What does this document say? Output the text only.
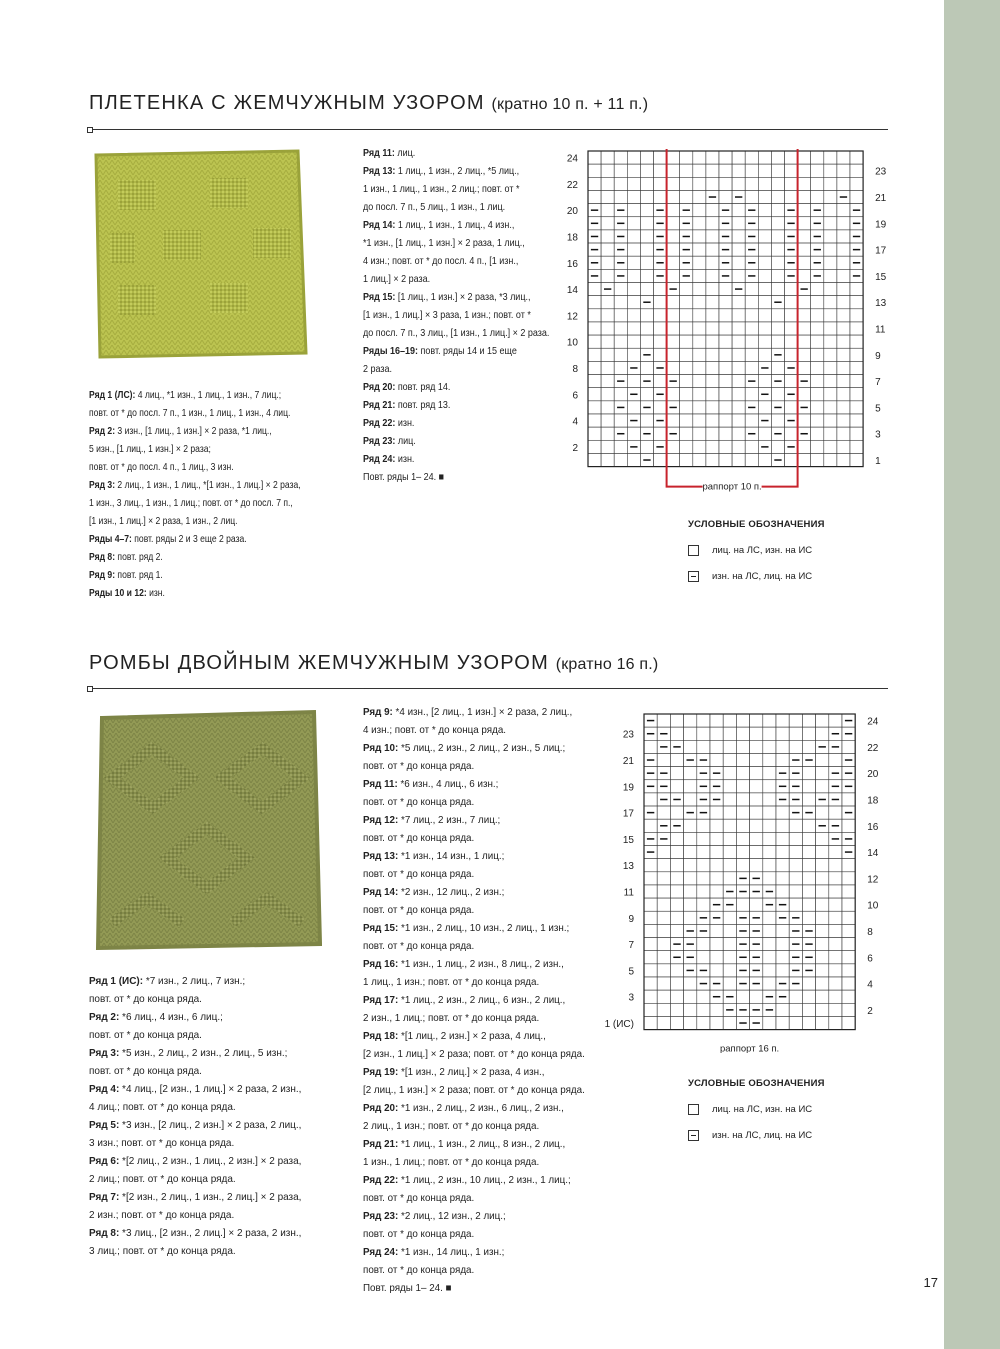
ПЛЕТЕНКА С ЖЕМЧУЖНЫМ УЗОРОМ (кратно 10 п. + 11 п.)
Ряд 1 (ЛС): 4 лиц., *1 изн., 1 лиц., 1 изн., 7 лиц.;
повт. от * до посл. 7 п., 1 изн., 1 лиц., 1 изн., 4 лиц.
Ряд 2: 3 изн., [1 лиц., 1 изн.] × 2 раза, *1 лиц.,
5 изн., [1 лиц., 1 изн.] × 2 раза;
повт. от * до посл. 4 п., 1 лиц., 3 изн.
Ряд 3: 2 лиц., 1 изн., 1 лиц., *[1 изн., 1 лиц.] × 2 раза,
1 изн., 3 лиц., 1 изн., 1 лиц.; повт. от * до посл. 7 п.,
[1 изн., 1 лиц.] × 2 раза, 1 изн., 2 лиц.
Ряды 4–7: повт. ряды 2 и 3 еще 2 раза.
Ряд 8: повт. ряд 2.
Ряд 9: повт. ряд 1.
Ряды 10 и 12: изн.
Ряд 11: лиц.
Ряд 13: 1 лиц., 1 изн., 2 лиц., *5 лиц.,
1 изн., 1 лиц., 1 изн., 2 лиц.; повт. от *
до посл. 7 п., 5 лиц., 1 изн., 1 лиц.
Ряд 14: 1 лиц., 1 изн., 1 лиц., 4 изн.,
*1 изн., [1 лиц., 1 изн.] × 2 раза, 1 лиц.,
4 изн.; повт. от * до посл. 4 п., [1 изн.,
1 лиц.] × 2 раза.
Ряд 15: [1 лиц., 1 изн.] × 2 раза, *3 лиц.,
[1 изн., 1 лиц.] × 3 раза, 1 изн.; повт. от *
до посл. 7 п., 3 лиц., [1 изн., 1 лиц.] × 2 раза.
Ряды 16–19: повт. ряды 14 и 15 еще
2 раза.
Ряд 20: повт. ряд 14.
Ряд 21: повт. ряд 13.
Ряд 22: изн.
Ряд 23: лиц.
Ряд 24: изн.
Повт. ряды 1– 24. ■
24
22
20
18
16
14
12
10
8
6
4
2
23
21
19
17
15
13
11
9
7
5
3
1
раппорт 10 п.
УСЛОВНЫЕ ОБОЗНАЧЕНИЯ
лиц. на ЛС, изн. на ИС
изн. на ЛС, лиц. на ИС
РОМБЫ ДВОЙНЫМ ЖЕМЧУЖНЫМ УЗОРОМ (кратно 16 п.)
Ряд 1 (ИС): *7 изн., 2 лиц., 7 изн.;
повт. от * до конца ряда.
Ряд 2: *6 лиц., 4 изн., 6 лиц.;
повт. от * до конца ряда.
Ряд 3: *5 изн., 2 лиц., 2 изн., 2 лиц., 5 изн.;
повт. от * до конца ряда.
Ряд 4: *4 лиц., [2 изн., 1 лиц.] × 2 раза, 2 изн.,
4 лиц.; повт. от * до конца ряда.
Ряд 5: *3 изн., [2 лиц., 2 изн.] × 2 раза, 2 лиц.,
3 изн.; повт. от * до конца ряда.
Ряд 6: *[2 лиц., 2 изн., 1 лиц., 2 изн.] × 2 раза,
2 лиц.; повт. от * до конца ряда.
Ряд 7: *[2 изн., 2 лиц., 1 изн., 2 лиц.] × 2 раза,
2 изн.; повт. от * до конца ряда.
Ряд 8: *3 лиц., [2 изн., 2 лиц.] × 2 раза, 2 изн.,
3 лиц.; повт. от * до конца ряда.
Ряд 9: *4 изн., [2 лиц., 1 изн.] × 2 раза, 2 лиц.,
4 изн.; повт. от * до конца ряда.
Ряд 10: *5 лиц., 2 изн., 2 лиц., 2 изн., 5 лиц.;
повт. от * до конца ряда.
Ряд 11: *6 изн., 4 лиц., 6 изн.;
повт. от * до конца ряда.
Ряд 12: *7 лиц., 2 изн., 7 лиц.;
повт. от * до конца ряда.
Ряд 13: *1 изн., 14 изн., 1 лиц.;
повт. от * до конца ряда.
Ряд 14: *2 изн., 12 лиц., 2 изн.;
повт. от * до конца ряда.
Ряд 15: *1 изн., 2 лиц., 10 изн., 2 лиц., 1 изн.;
повт. от * до конца ряда.
Ряд 16: *1 изн., 1 лиц., 2 изн., 8 лиц., 2 изн.,
1 лиц., 1 изн.; повт. от * до конца ряда.
Ряд 17: *1 лиц., 2 изн., 2 лиц., 6 изн., 2 лиц.,
2 изн., 1 лиц.; повт. от * до конца ряда.
Ряд 18: *[1 лиц., 2 изн.] × 2 раза, 4 лиц.,
[2 изн., 1 лиц.] × 2 раза; повт. от * до конца ряда.
Ряд 19: *[1 изн., 2 лиц.] × 2 раза, 4 изн.,
[2 лиц., 1 изн.] × 2 раза; повт. от * до конца ряда.
Ряд 20: *1 изн., 2 лиц., 2 изн., 6 лиц., 2 изн.,
2 лиц., 1 изн.; повт. от * до конца ряда.
Ряд 21: *1 лиц., 1 изн., 2 лиц., 8 изн., 2 лиц.,
1 изн., 1 лиц.; повт. от * до конца ряда.
Ряд 22: *1 лиц., 2 изн., 10 лиц., 2 изн., 1 лиц.;
повт. от * до конца ряда.
Ряд 23: *2 лиц., 12 изн., 2 лиц.;
повт. от * до конца ряда.
Ряд 24: *1 изн., 14 лиц., 1 изн.;
повт. от * до конца ряда.
Повт. ряды 1– 24. ■
23
21
19
17
15
13
11
9
7
5
3
1 (ИС)
24
22
20
18
16
14
12
10
8
6
4
2
раппорт 16 п.
УСЛОВНЫЕ ОБОЗНАЧЕНИЯ
лиц. на ЛС, изн. на ИС
изн. на ЛС, лиц. на ИС
17
